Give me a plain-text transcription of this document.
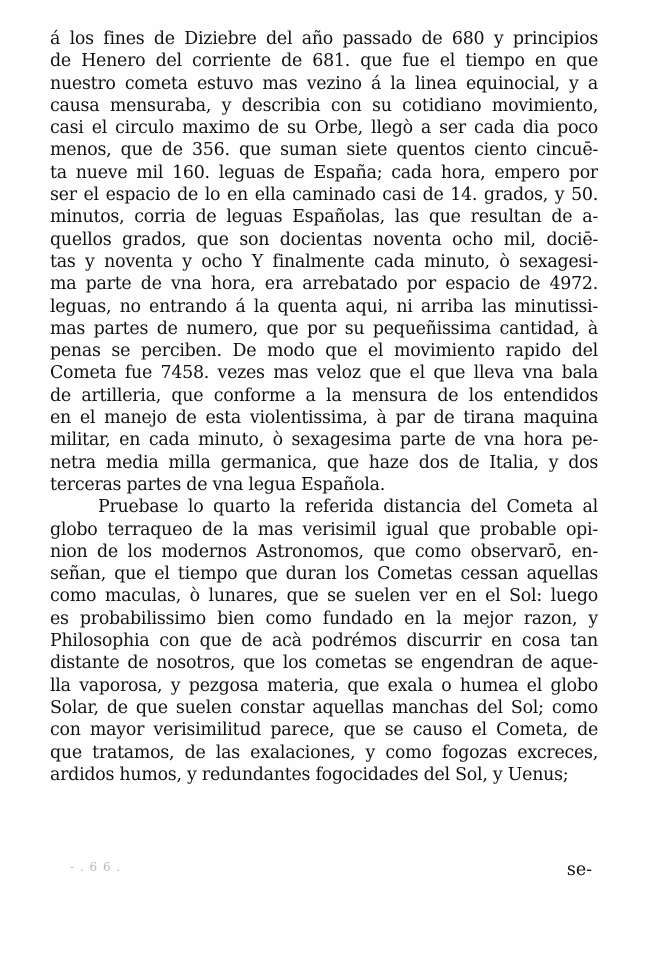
á los fines de Diziebre del año passado de 680 y principios
de Henero del corriente de 681. que fue el tiempo en que
nuestro cometa estuvo mas vezino á la linea equinocial, y a
causa mensuraba, y describia con su cotidiano movimiento,
casi el circulo maximo de su Orbe, llegò a ser cada dia poco
menos, que de 356. que suman siete quentos ciento cincuē-
ta nueve mil 160. leguas de España; cada hora, empero por
ser el espacio de lo en ella caminado casi de 14. grados, y 50.
minutos, corria de leguas Españolas, las que resultan de a-
quellos grados, que son docientas noventa ocho mil, dociē-
tas y noventa y ocho Y finalmente cada minuto, ò sexagesi-
ma parte de vna hora, era arrebatado por espacio de 4972.
leguas, no entrando á la quenta aqui, ni arriba las minutissi-
mas partes de numero, que por su pequeñissima cantidad, à
penas se perciben. De modo que el movimiento rapido del
Cometa fue 7458. vezes mas veloz que el que lleva vna bala
de artilleria, que conforme a la mensura de los entendidos
en el manejo de esta violentissima, à par de tirana maquina
militar, en cada minuto, ò sexagesima parte de vna hora pe-
netra media milla germanica, que haze dos de Italia, y dos
terceras partes de vna legua Española.
Pruebase lo quarto la referida distancia del Cometa al
globo terraqueo de la mas verisimil igual que probable opi-
nion de los modernos Astronomos, que como observarō, en-
señan, que el tiempo que duran los Cometas cessan aquellas
como maculas, ò lunares, que se suelen ver en el Sol: luego
es probabilissimo bien como fundado en la mejor razon, y
Philosophia con que de acà podrémos discurrir en cosa tan
distante de nosotros, que los cometas se engendran de aque-
lla vaporosa, y pezgosa materia, que exala o humea el globo
Solar, de que suelen constar aquellas manchas del Sol; como
con mayor verisimilitud parece, que se causo el Cometa, de
que tratamos, de las exalaciones, y como fogozas excreces,
ardidos humos, y redundantes fogocidades del Sol, y Uenus;
- . 6 6 .	se-
